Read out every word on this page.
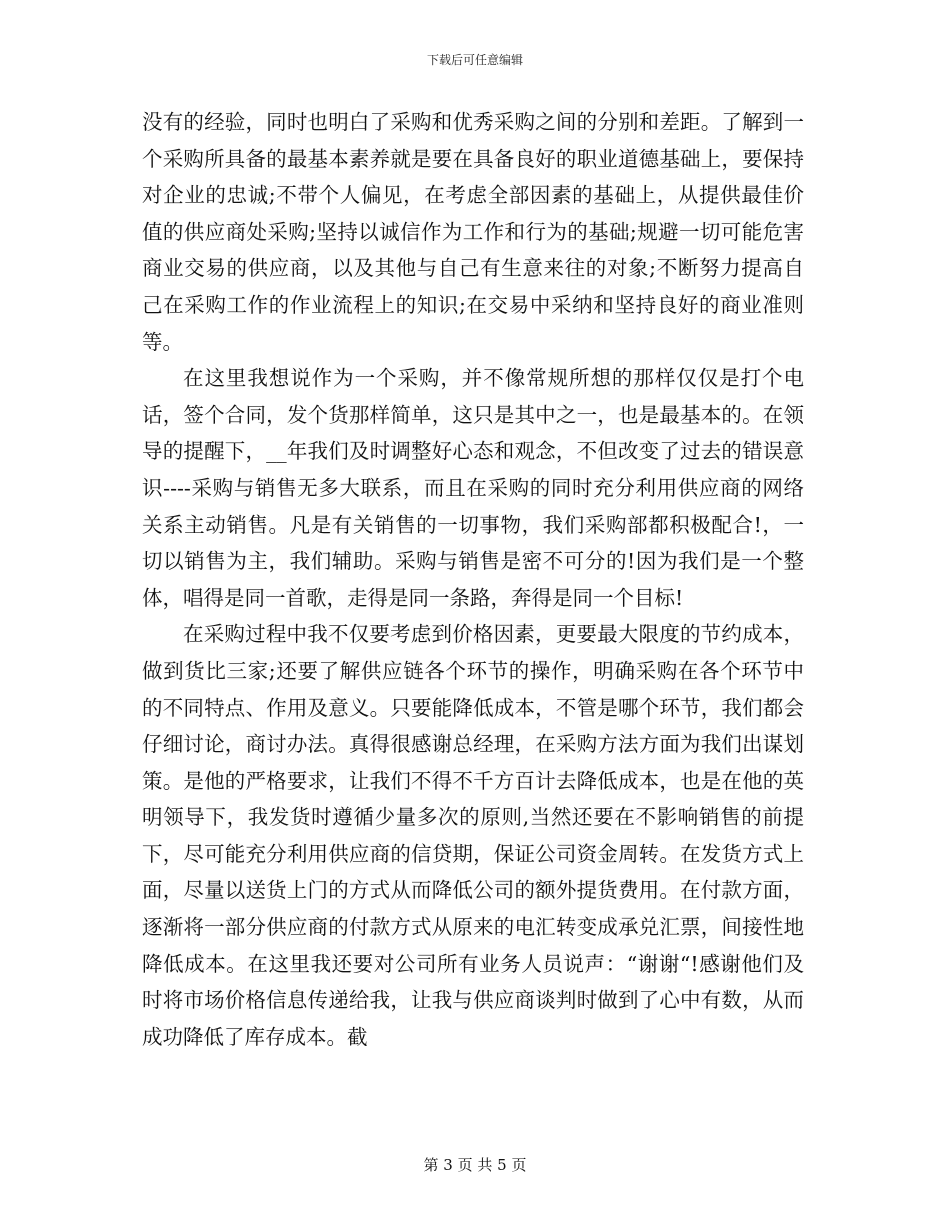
下载后可任意编辑

没有的经验，同时也明白了采购和优秀采购之间的分别和差距。了解到一个采购所具备的最基本素养就是要在具备良好的职业道德基础上，要保持对企业的忠诚;不带个人偏见，在考虑全部因素的基础上，从提供最佳价值的供应商处采购;坚持以诚信作为工作和行为的基础;规避一切可能危害商业交易的供应商，以及其他与自己有生意来往的对象;不断努力提高自己在采购工作的作业流程上的知识;在交易中采纳和坚持良好的商业准则等。

在这里我想说作为一个采购，并不像常规所想的那样仅仅是打个电话，签个合同，发个货那样简单，这只是其中之一，也是最基本的。在领导的提醒下，__年我们及时调整好心态和观念，不但改变了过去的错误意识----采购与销售无多大联系，而且在采购的同时充分利用供应商的网络关系主动销售。凡是有关销售的一切事物，我们采购部都积极配合!，一切以销售为主，我们辅助。采购与销售是密不可分的!因为我们是一个整体，唱得是同一首歌，走得是同一条路，奔得是同一个目标!

在采购过程中我不仅要考虑到价格因素，更要最大限度的节约成本，做到货比三家;还要了解供应链各个环节的操作，明确采购在各个环节中的不同特点、作用及意义。只要能降低成本，不管是哪个环节，我们都会仔细讨论，商讨办法。真得很感谢总经理，在采购方法方面为我们出谋划策。是他的严格要求，让我们不得不千方百计去降低成本，也是在他的英明领导下，我发货时遵循少量多次的原则,当然还要在不影响销售的前提下，尽可能充分利用供应商的信贷期，保证公司资金周转。在发货方式上面，尽量以送货上门的方式从而降低公司的额外提货费用。在付款方面，逐渐将一部分供应商的付款方式从原来的电汇转变成承兑汇票，间接性地降低成本。在这里我还要对公司所有业务人员说声：“谢谢“!感谢他们及时将市场价格信息传递给我，让我与供应商谈判时做到了心中有数，从而成功降低了库存成本。截

第 3 页 共 5 页
